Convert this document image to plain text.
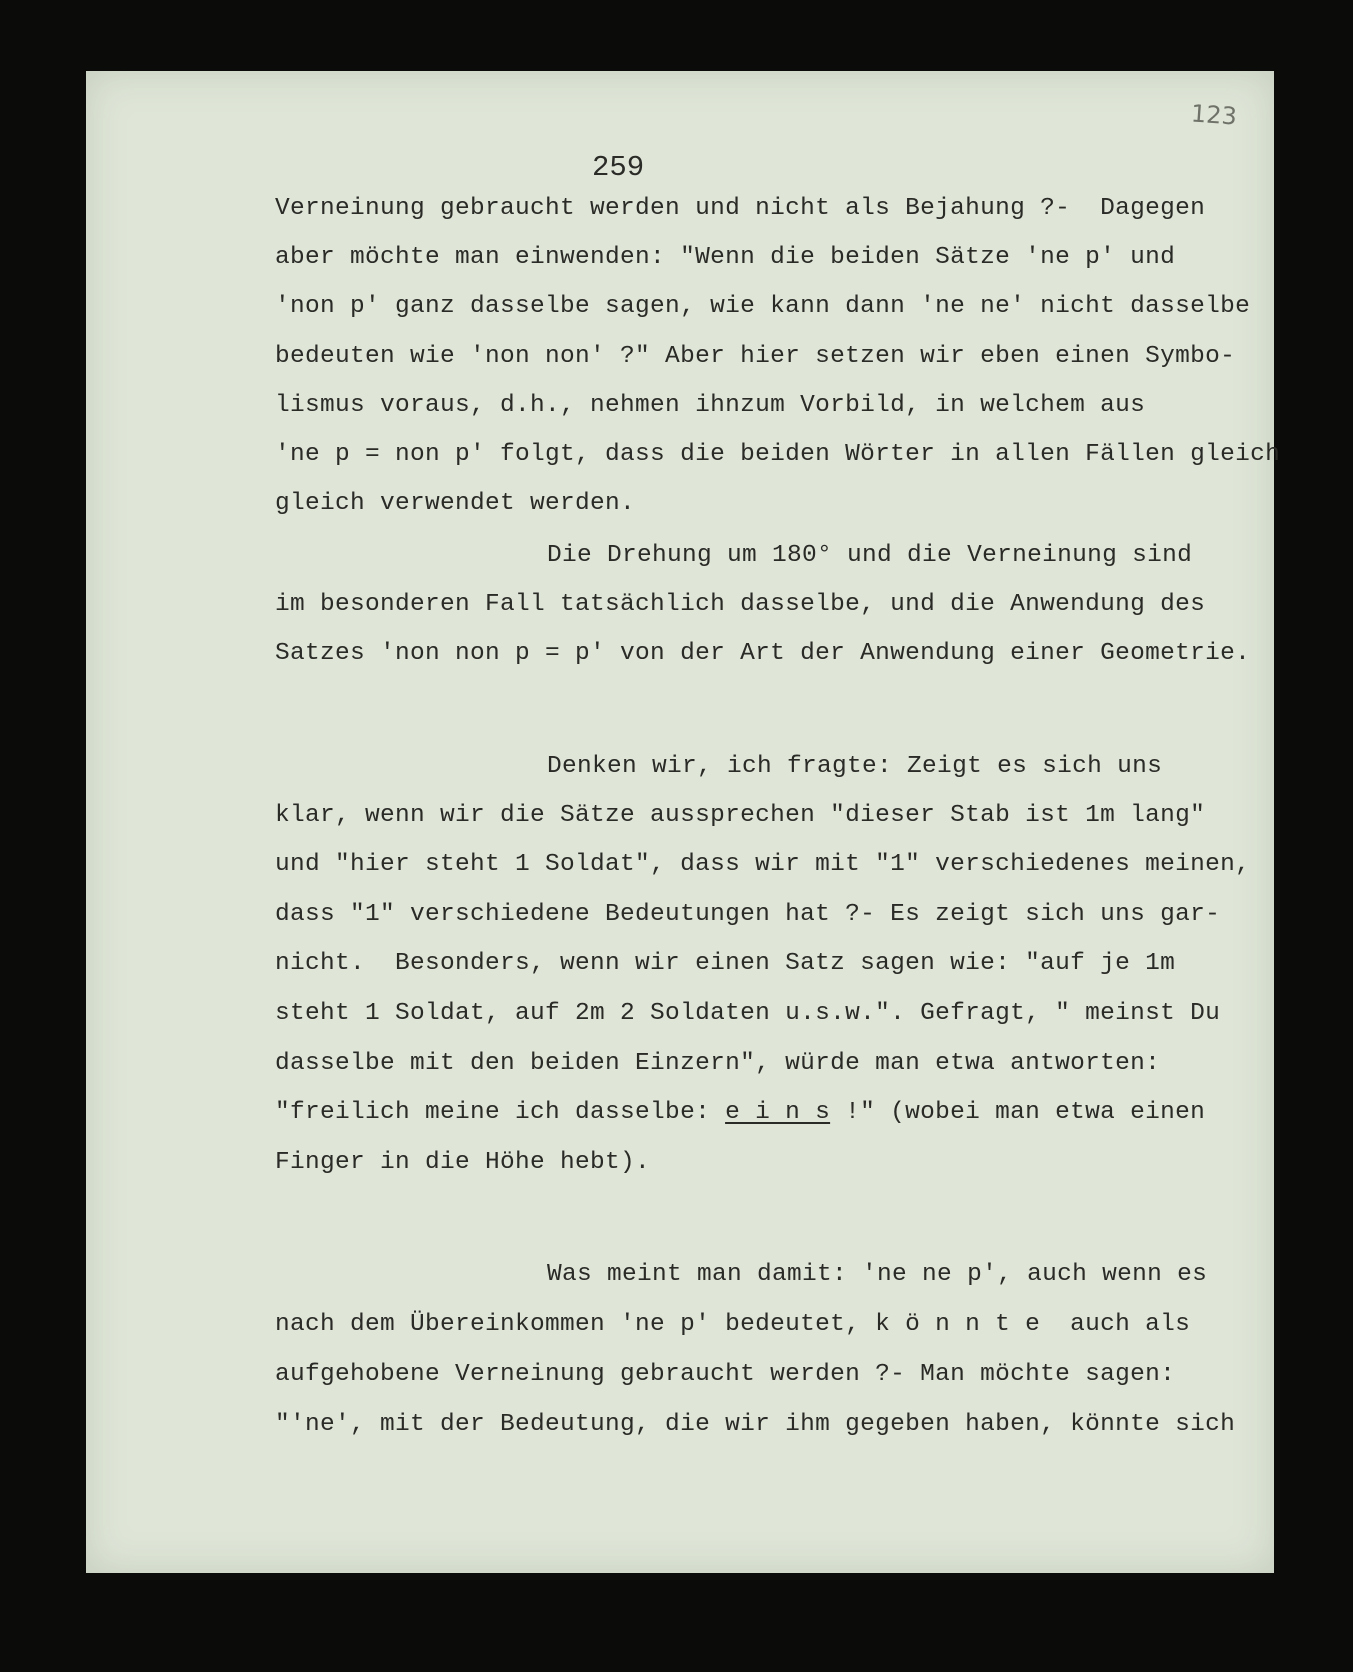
123
259
Verneinung gebraucht werden und nicht als Bejahung ?-  Dagegen
aber möchte man einwenden: "Wenn die beiden Sätze 'ne p' und
'non p' ganz dasselbe sagen, wie kann dann 'ne ne' nicht dasselbe
bedeuten wie 'non non' ?" Aber hier setzen wir eben einen Symbo-
lismus voraus, d.h., nehmen ihnzum Vorbild, in welchem aus
'ne p = non p' folgt, dass die beiden Wörter in allen Fällen gleich
gleich verwendet werden.
Die Drehung um 180° und die Verneinung sind
im besonderen Fall tatsächlich dasselbe, und die Anwendung des
Satzes 'non non p = p' von der Art der Anwendung einer Geometrie.
Denken wir, ich fragte: Zeigt es sich uns
klar, wenn wir die Sätze aussprechen "dieser Stab ist 1m lang"
und "hier steht 1 Soldat", dass wir mit "1" verschiedenes meinen,
dass "1" verschiedene Bedeutungen hat ?- Es zeigt sich uns gar-
nicht.  Besonders, wenn wir einen Satz sagen wie: "auf je 1m
steht 1 Soldat, auf 2m 2 Soldaten u.s.w.". Gefragt, " meinst Du
dasselbe mit den beiden Einzern", würde man etwa antworten:
"freilich meine ich dasselbe: e i n s !" (wobei man etwa einen
Finger in die Höhe hebt).
Was meint man damit: 'ne ne p', auch wenn es
nach dem Übereinkommen 'ne p' bedeutet, k ö n n t e  auch als
aufgehobene Verneinung gebraucht werden ?- Man möchte sagen:
"'ne', mit der Bedeutung, die wir ihm gegeben haben, könnte sich
